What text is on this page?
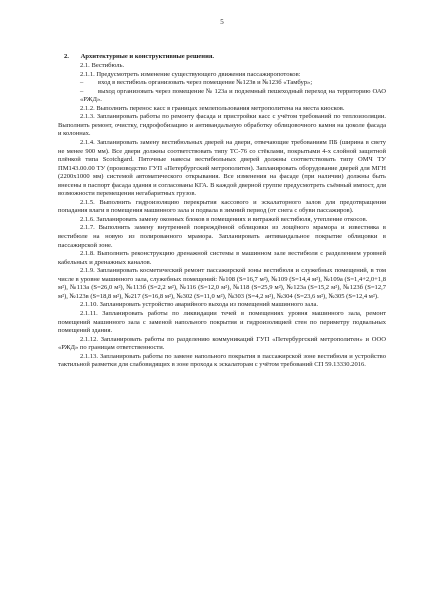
5
2. Архитектурные и конструктивные решения.

2.1. Вестибюль.

2.1.1. Предусмотреть изменение существующего движения пассажиропотоков:

– вход в вестибюль организовать через помещение №123в и №123б «Тамбур»;

– выход организовать через помещение № 123а и подземный пешеходный переход на территорию ОАО «РЖД».

2.1.2. Выполнить перенос касс в границах землепользования метрополитена на места киосков.

2.1.3. Запланировать работы по ремонту фасада и пристройки касс с учётом требований по теплоизоляции. Выполнить ремонт, очистку, гидрофобизацию и антивандальную обработку облицовочного камня на цоколе фасада и колоннах.

2.1.4. Запланировать замену вестибюльных дверей на двери, отвечающие требованиям ПБ (ширина в свету не менее 900 мм). Все двери должны соответствовать типу ТС-76 со стёклами, покрытыми 4-х слойной защитной плёнкой типа Scotchgard. Пяточные навесы вестибюльных дверей должны соответствовать типу ОМЧ ТУ ПМ143.00.00 ТУ (производство ГУП «Петербургский метрополитен). Запланировать оборудование дверей для МГН (2200х1000 мм) системой автоматического открывания. Все изменения на фасаде (при наличии) должны быть внесены в паспорт фасада здания и согласованы КГА. В каждой дверной группе предусмотреть съёмный импост, для возможности перемещения негабаритных грузов.

2.1.5. Выполнить гидроизоляцию перекрытия кассового и эскалаторного залов для предотвращения попадания влаги в помещения машинного зала и подвала в зимний период (от снега с обуви пассажиров).

2.1.6. Запланировать замену оконных блоков в помещениях и витражей вестибюля, утепление откосов.

2.1.7. Выполнить замену внутренней повреждённой облицовки из лощёного мрамора и известняка в вестибюле на новую из полированного мрамора. Запланировать антивандальное покрытие облицовки в пассажирской зоне.

2.1.8. Выполнить реконструкцию дренажной системы в машинном зале вестибюля с разделением уровней кабельных и дренажных каналов.

2.1.9. Запланировать косметический ремонт пассажирской зоны вестибюля и служебных помещений, в том числе в уровне машинного зала, служебных помещений: №108 (S=16,7 м²), №109 (S=14,4 м²), №109а (S=1,4+2,0+1,8 м²), №113а (S=26,0 м²), №113б (S=2,2 м²), №116 (S=12,0 м²), №118 (S=25,9 м²), №123а (S=15,2 м²), №123б (S=12,7 м²), №123в (S=18,8 м²), №217 (S=16,8 м²), №302 (S=11,0 м²), №303 (S=4,2 м²), №304 (S=23,6 м²), №305 (S=12,4 м²).

2.1.10. Запланировать устройство аварийного выхода из помещений машинного зала.

2.1.11. Запланировать работы по ликвидации течей в помещениях уровня машинного зала, ремонт помещений машинного зала с заменой напольного покрытия и гидроизоляцией стен по периметру подвальных помещений здания.

2.1.12. Запланировать работы по разделению коммуникаций ГУП «Петербургский метрополитен» и ООО «РЖД» по границам ответственности.

2.1.13. Запланировать работы по замене напольного покрытия в пассажирской зоне вестибюля и устройство тактильной разметки для слабовидящих в зоне прохода к эскалаторам с учётом требований СП 59.13330.2016.
